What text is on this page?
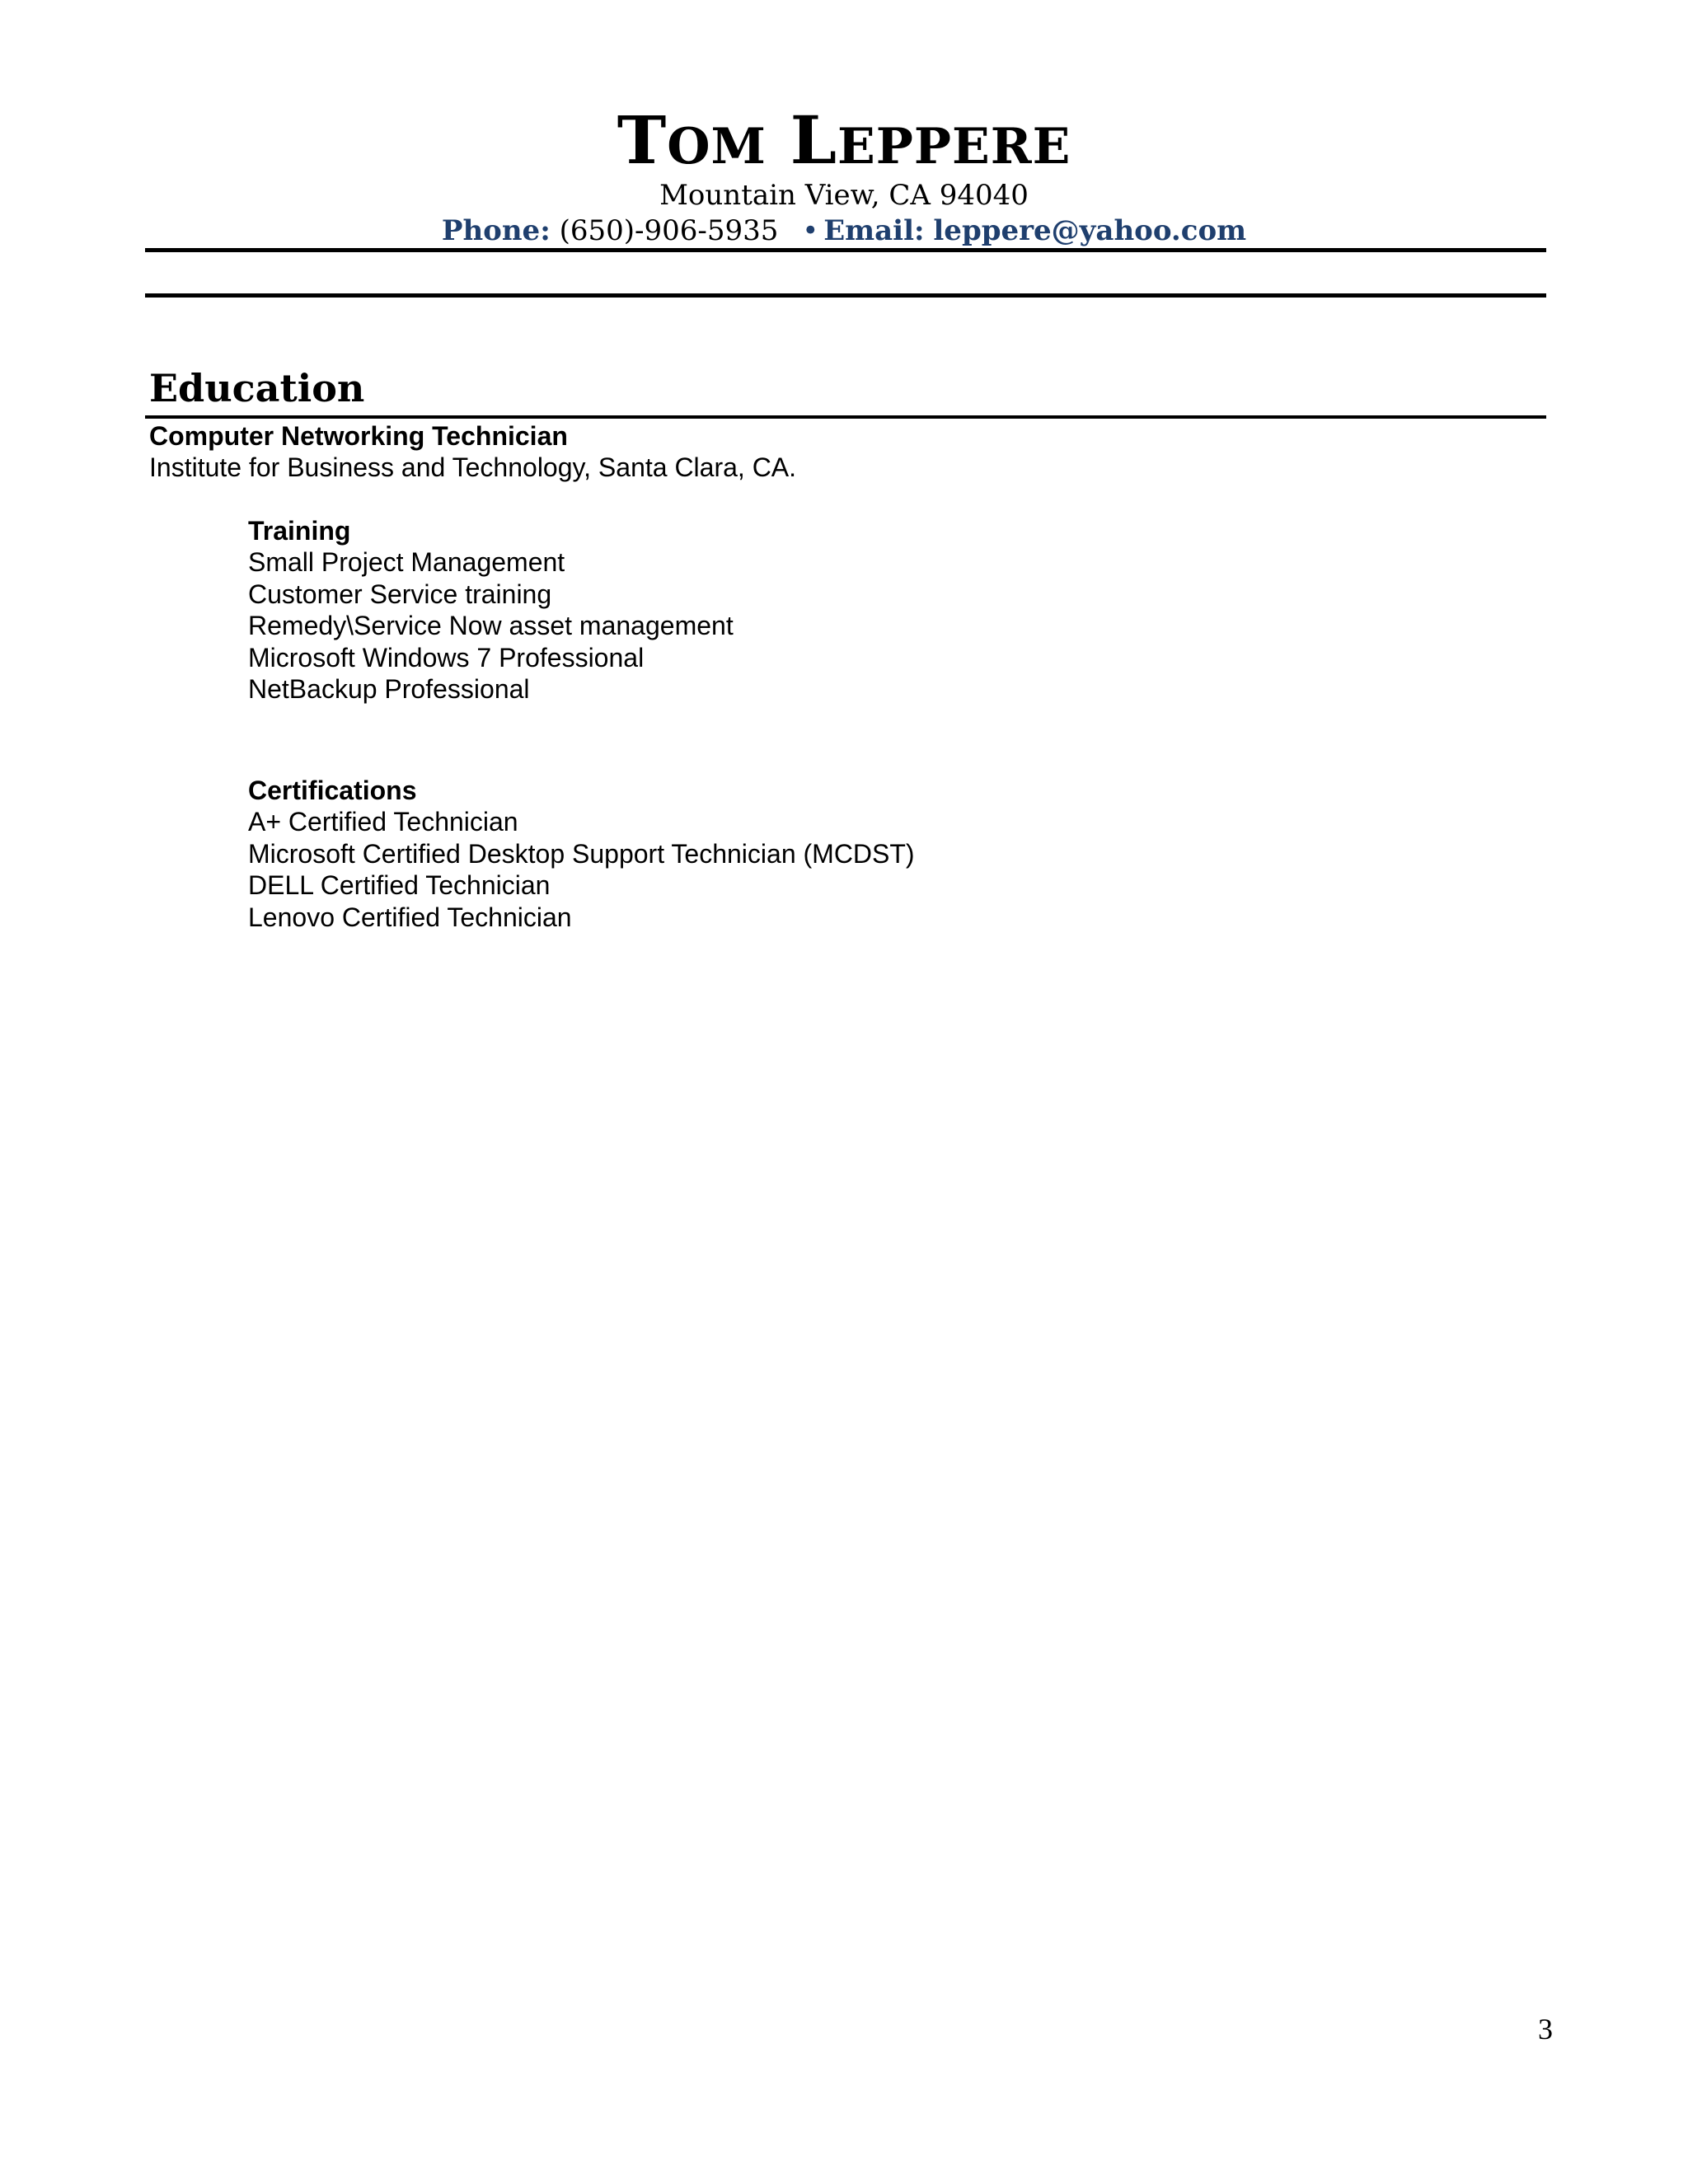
TOM LEPPERE
Mountain View, CA 94040
Phone: (650)-906-5935 • Email: leppere@yahoo.com
Education
Computer Networking Technician
Institute for Business and Technology, Santa Clara, CA.
Training
Small Project Management
Customer Service training
Remedy\Service Now asset management
Microsoft Windows 7 Professional
NetBackup Professional
Certifications
A+ Certified Technician
Microsoft Certified Desktop Support Technician (MCDST)
DELL Certified Technician
Lenovo Certified Technician
3
